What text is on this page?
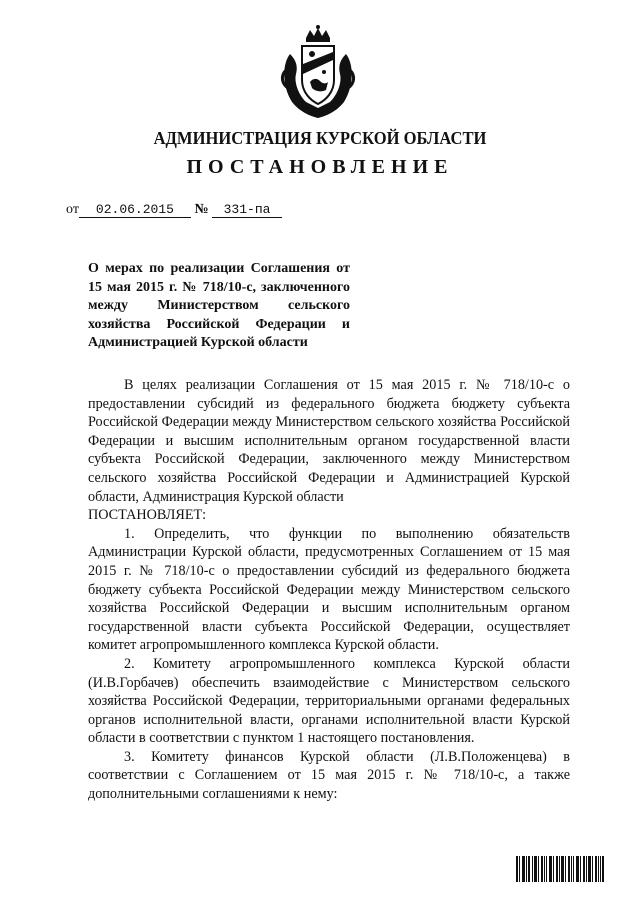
АДМИНИСТРАЦИЯ КУРСКОЙ ОБЛАСТИ
ПОСТАНОВЛЕНИЕ
от 02.06.2015 № 331-па
О мерах по реализации Соглашения от 15 мая 2015 г. № 718/10-с, заключенного между Министерством сельского хозяйства Российской Федерации и Администрацией Курской области

В целях реализации Соглашения от 15 мая 2015 г. № 718/10-с о предоставлении субсидий из федерального бюджета бюджету субъекта Российской Федерации между Министерством сельского хозяйства Российской Федерации и высшим исполнительным органом государственной власти субъекта Российской Федерации, заключенного между Министерством сельского хозяйства Российской Федерации и Администрацией Курской области, Администрация Курской области

ПОСТАНОВЛЯЕТ:

1. Определить, что функции по выполнению обязательств Администрации Курской области, предусмотренных Соглашением от 15 мая 2015 г. № 718/10-с о предоставлении субсидий из федерального бюджета бюджету субъекта Российской Федерации между Министерством сельского хозяйства Российской Федерации и высшим исполнительным органом государственной власти субъекта Российской Федерации, осуществляет комитет агропромышленного комплекса Курской области.

2. Комитету агропромышленного комплекса Курской области (И.В.Горбачев) обеспечить взаимодействие с Министерством сельского хозяйства Российской Федерации, территориальными органами федеральных органов исполнительной власти, органами исполнительной власти Курской области в соответствии с пунктом 1 настоящего постановления.

3. Комитету финансов Курской области (Л.В.Положенцева) в соответствии с Соглашением от 15 мая 2015 г. № 718/10-с, а также дополнительными соглашениями к нему:
